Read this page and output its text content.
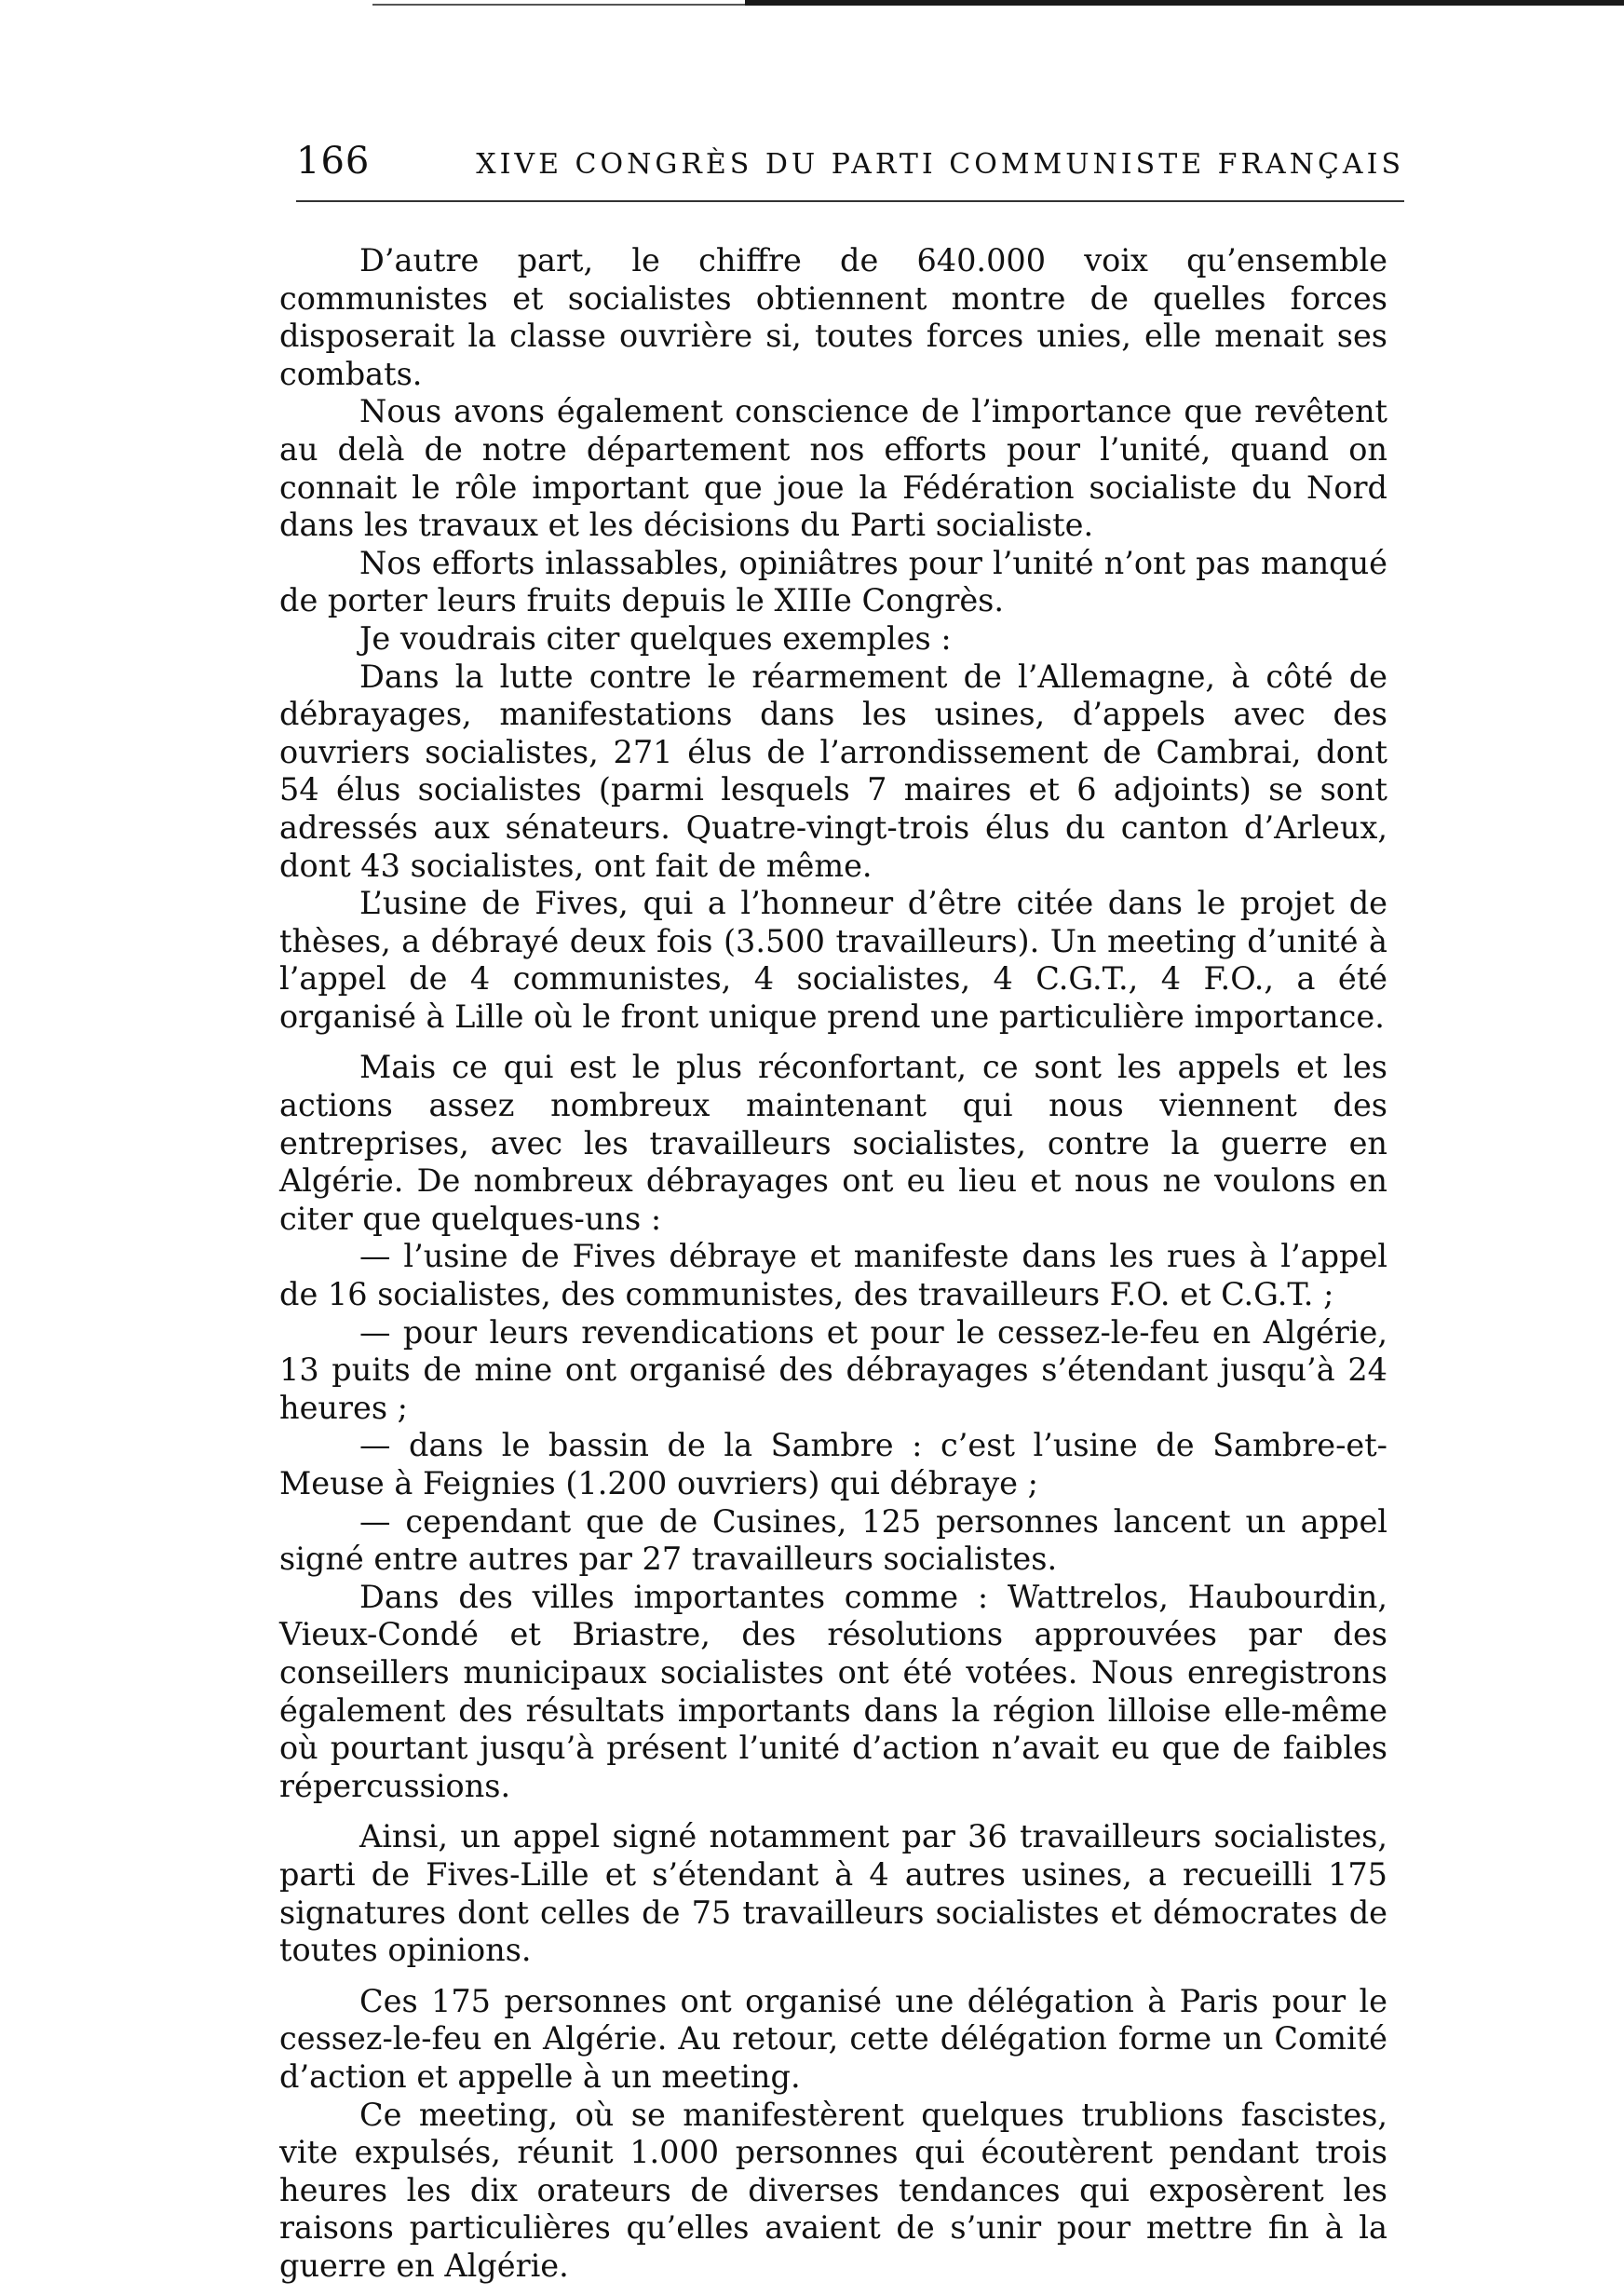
166	XIVE CONGRÈS DU PARTI COMMUNISTE FRANÇAIS

D’autre part, le chiffre de 640.000 voix qu’ensemble communistes et socialistes obtiennent montre de quelles forces disposerait la classe ouvrière si, toutes forces unies, elle menait ses combats.

Nous avons également conscience de l’importance que revêtent au delà de notre département nos efforts pour l’unité, quand on connait le rôle important que joue la Fédération socialiste du Nord dans les travaux et les décisions du Parti socialiste.

Nos efforts inlassables, opiniâtres pour l’unité n’ont pas manqué de porter leurs fruits depuis le XIIIe Congrès.

Je voudrais citer quelques exemples :

Dans la lutte contre le réarmement de l’Allemagne, à côté de débrayages, manifestations dans les usines, d’appels avec des ouvriers socialistes, 271 élus de l’arrondissement de Cambrai, dont 54 élus socialistes (parmi lesquels 7 maires et 6 adjoints) se sont adressés aux sénateurs. Quatre-vingt-trois élus du canton d’Arleux, dont 43 socialistes, ont fait de même.

L’usine de Fives, qui a l’honneur d’être citée dans le projet de thèses, a débrayé deux fois (3.500 travailleurs). Un meeting d’unité à l’appel de 4 communistes, 4 socialistes, 4 C.G.T., 4 F.O., a été organisé à Lille où le front unique prend une particulière importance.

Mais ce qui est le plus réconfortant, ce sont les appels et les actions assez nombreux maintenant qui nous viennent des entreprises, avec les travailleurs socialistes, contre la guerre en Algérie. De nombreux débrayages ont eu lieu et nous ne voulons en citer que quelques-uns :

— l’usine de Fives débraye et manifeste dans les rues à l’appel de 16 socialistes, des communistes, des travailleurs F.O. et C.G.T. ;

— pour leurs revendications et pour le cessez-le-feu en Algérie, 13 puits de mine ont organisé des débrayages s’étendant jusqu’à 24 heures ;

— dans le bassin de la Sambre : c’est l’usine de Sambre-et-Meuse à Feignies (1.200 ouvriers) qui débraye ;

— cependant que de Cusines, 125 personnes lancent un appel signé entre autres par 27 travailleurs socialistes.

Dans des villes importantes comme : Wattrelos, Haubourdin, Vieux-Condé et Briastre, des résolutions approuvées par des conseillers municipaux socialistes ont été votées. Nous enregistrons également des résultats importants dans la région lilloise elle-même où pourtant jusqu’à présent l’unité d’action n’avait eu que de faibles répercussions.

Ainsi, un appel signé notamment par 36 travailleurs socialistes, parti de Fives-Lille et s’étendant à 4 autres usines, a recueilli 175 signatures dont celles de 75 travailleurs socialistes et démocrates de toutes opinions.

Ces 175 personnes ont organisé une délégation à Paris pour le cessez-le-feu en Algérie. Au retour, cette délégation forme un Comité d’action et appelle à un meeting.

Ce meeting, où se manifestèrent quelques trublions fascistes, vite expulsés, réunit 1.000 personnes qui écoutèrent pendant trois heures les dix orateurs de diverses tendances qui exposèrent les raisons particulières qu’elles avaient de s’unir pour mettre fin à la guerre en Algérie.
